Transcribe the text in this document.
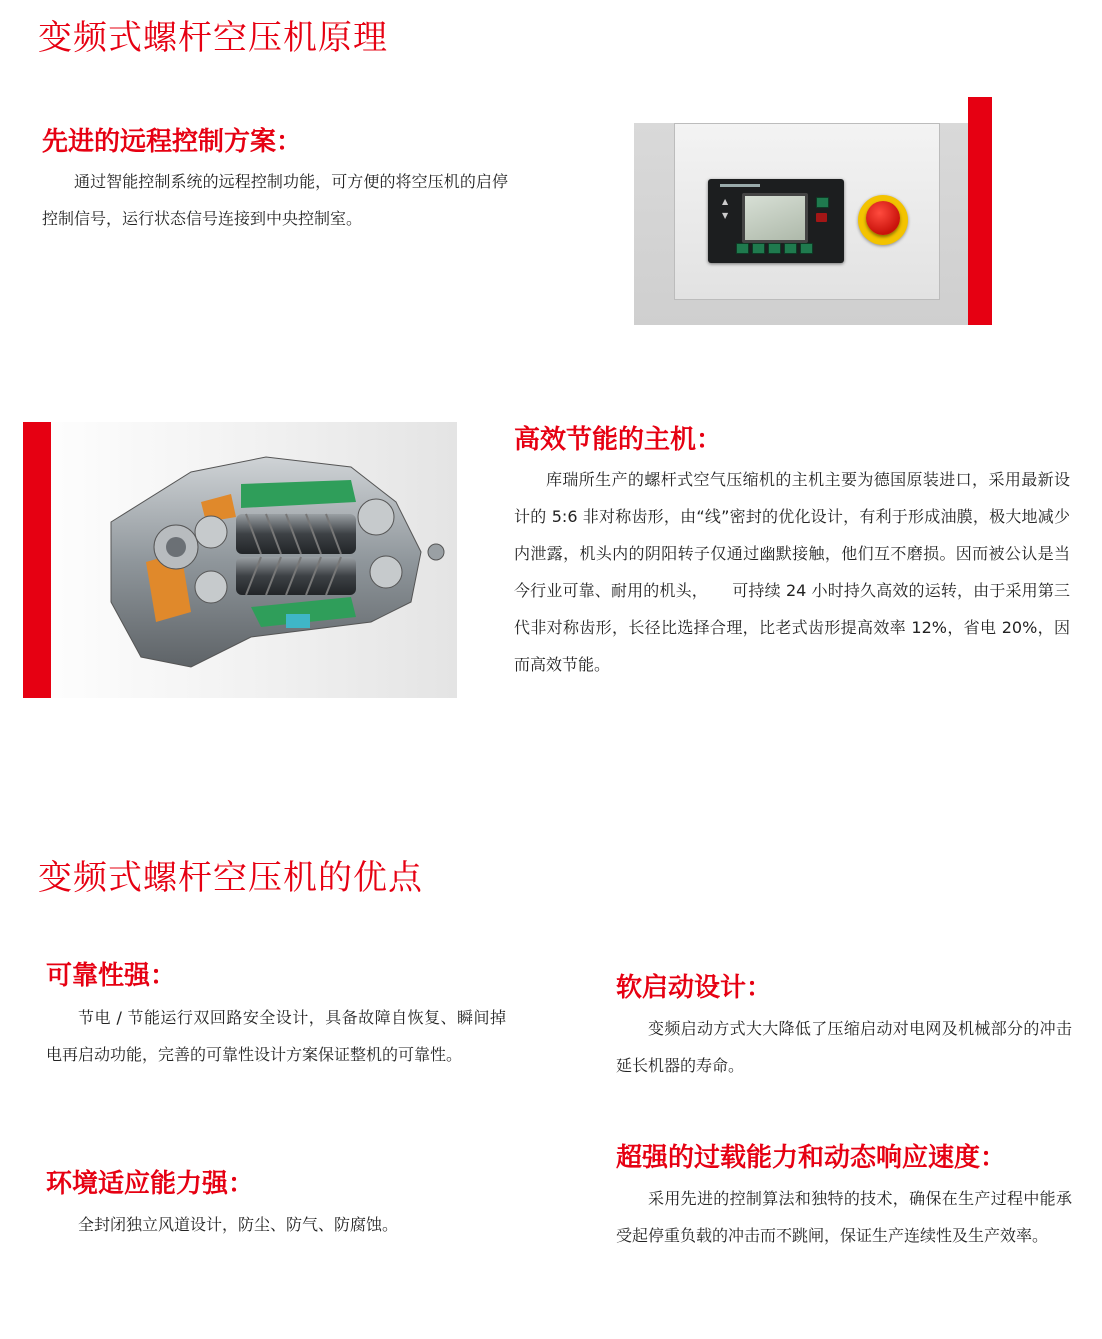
变频式螺杆空压机原理
先进的远程控制方案：

通过智能控制系统的远程控制功能，可方便的将空压机的启停控制信号，运行状态信号连接到中央控制室。

▲
▼
高效节能的主机：

库瑞所生产的螺杆式空气压缩机的主机主要为德国原装进口，采用最新设计的 5:6 非对称齿形，由“线”密封的优化设计，有利于形成油膜，极大地减少内泄露，机头内的阴阳转子仅通过幽默接触，他们互不磨损。因而被公认是当今行业可靠、耐用的机头，　　可持续 24 小时持久高效的运转，由于采用第三代非对称齿形，长径比选择合理，比老式齿形提高效率 12%，省电 20%，因而高效节能。

变频式螺杆空压机的优点
可靠性强：

节电 / 节能运行双回路安全设计，具备故障自恢复、瞬间掉电再启动功能，完善的可靠性设计方案保证整机的可靠性。

环境适应能力强：

全封闭独立风道设计，防尘、防气、防腐蚀。

软启动设计：

变频启动方式大大降低了压缩启动对电网及机械部分的冲击延长机器的寿命。

超强的过载能力和动态响应速度：

采用先进的控制算法和独特的技术，确保在生产过程中能承受起停重负载的冲击而不跳闸，保证生产连续性及生产效率。
